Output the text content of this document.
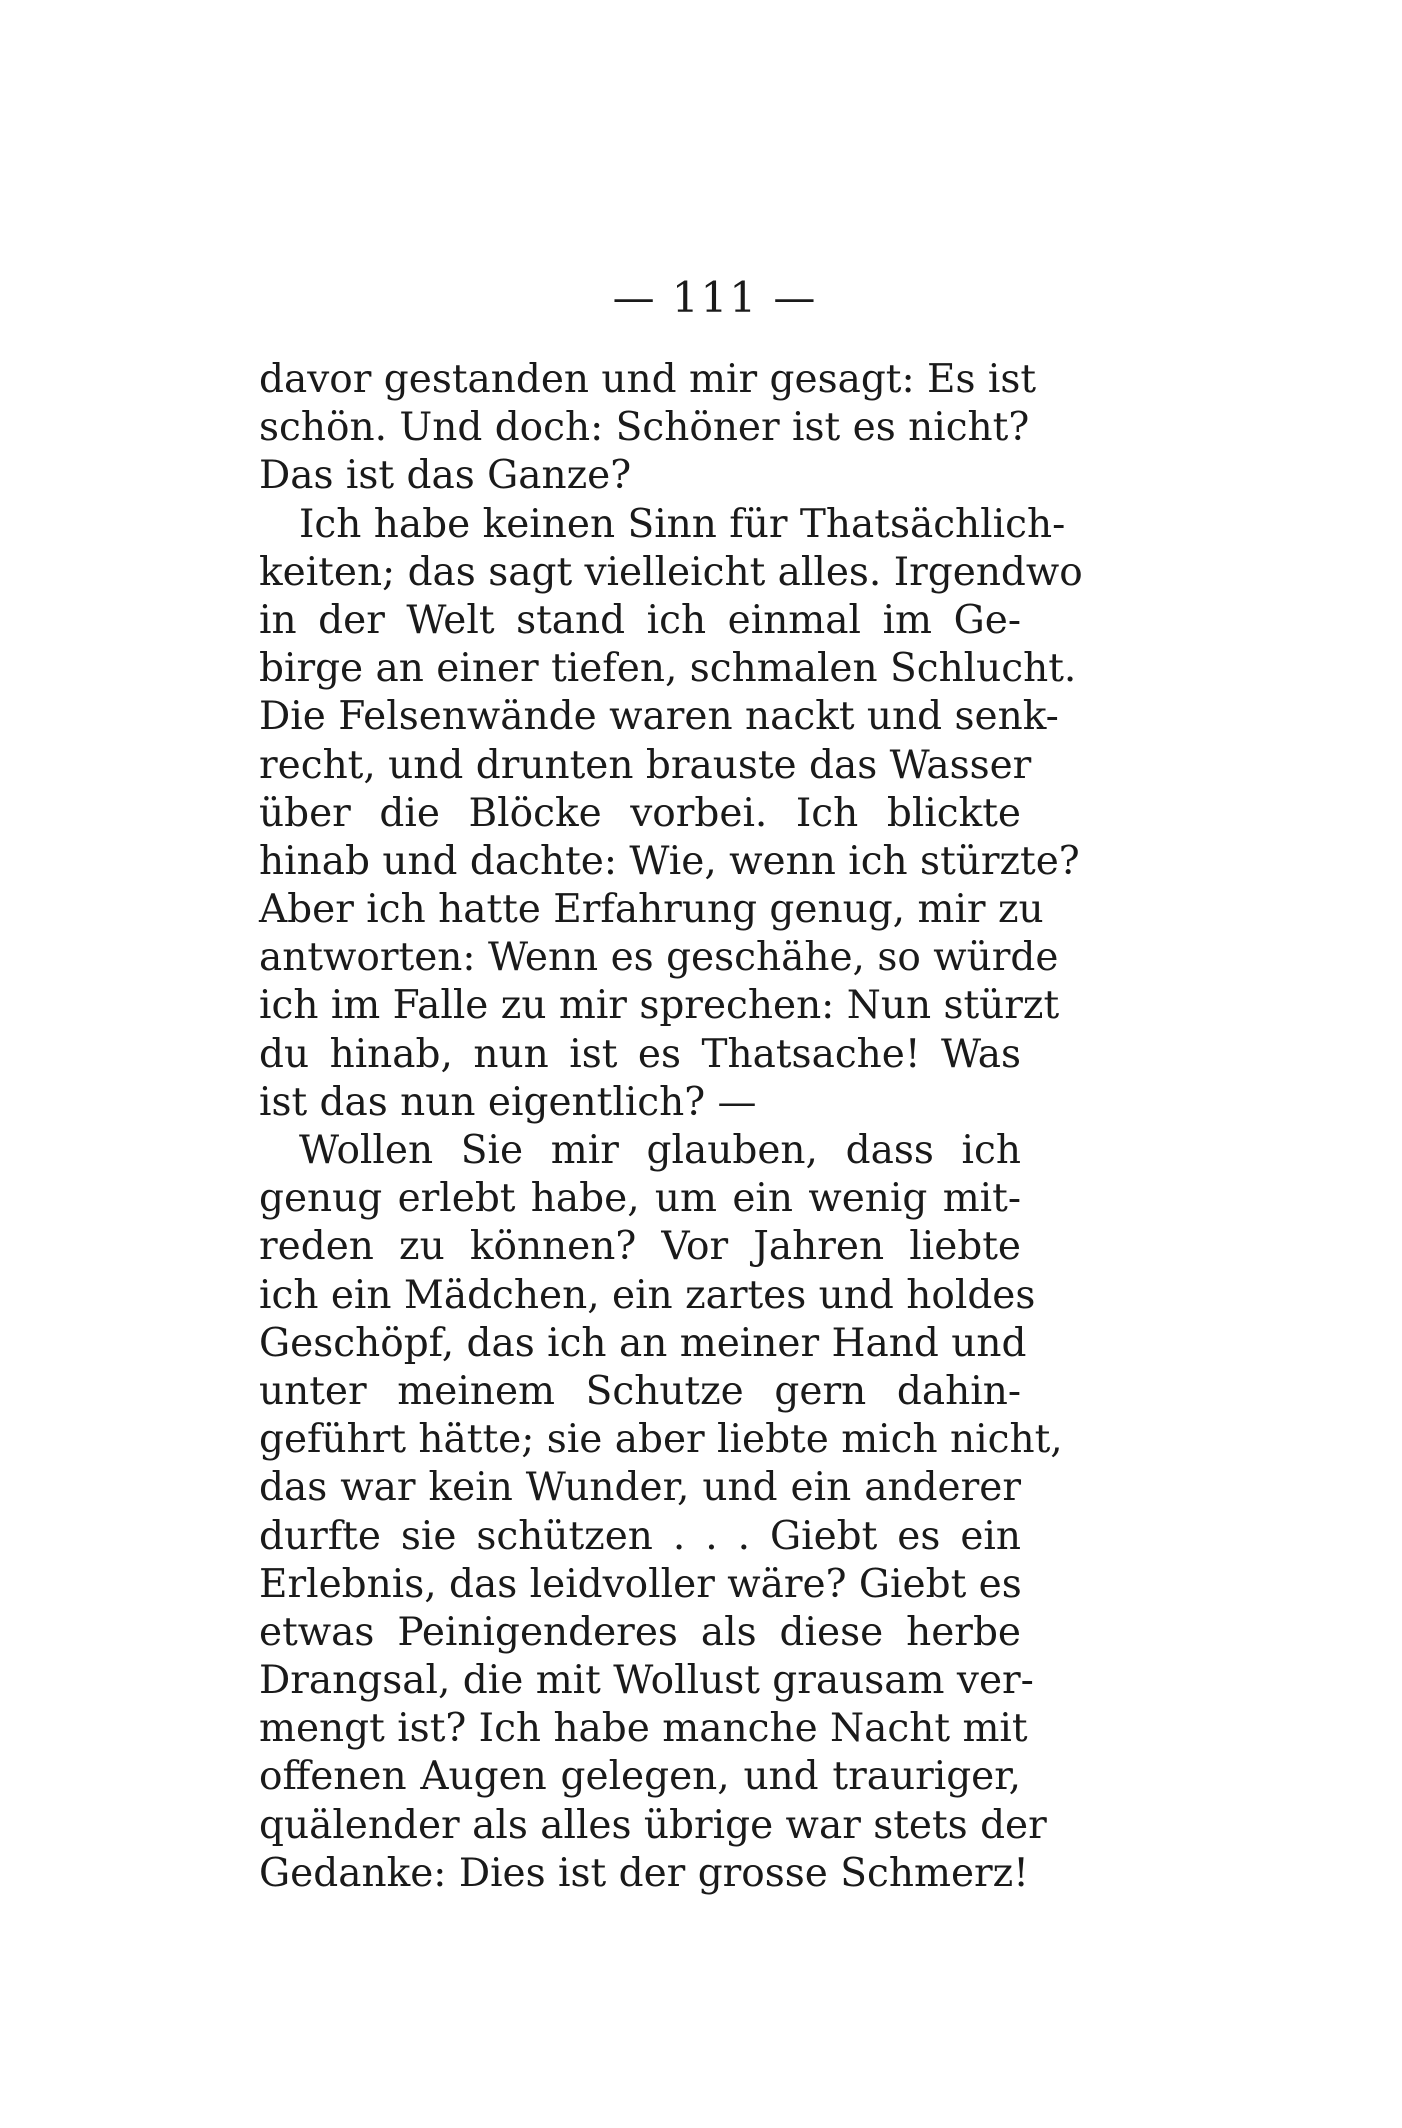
— 111 —
davor gestanden und mir gesagt: Es ist
schön. Und doch: Schöner ist es nicht?
Das ist das Ganze?
Ich habe keinen Sinn für Thatsächlich-
keiten; das sagt vielleicht alles. Irgendwo
in der Welt stand ich einmal im Ge-
birge an einer tiefen, schmalen Schlucht.
Die Felsenwände waren nackt und senk-
recht, und drunten brauste das Wasser
über die Blöcke vorbei. Ich blickte
hinab und dachte: Wie, wenn ich stürzte?
Aber ich hatte Erfahrung genug, mir zu
antworten: Wenn es geschähe, so würde
ich im Falle zu mir sprechen: Nun stürzt
du hinab, nun ist es Thatsache! Was
ist das nun eigentlich? —
Wollen Sie mir glauben, dass ich
genug erlebt habe, um ein wenig mit-
reden zu können? Vor Jahren liebte
ich ein Mädchen, ein zartes und holdes
Geschöpf, das ich an meiner Hand und
unter meinem Schutze gern dahin-
geführt hätte; sie aber liebte mich nicht,
das war kein Wunder, und ein anderer
durfte sie schützen . . . Giebt es ein
Erlebnis, das leidvoller wäre? Giebt es
etwas Peinigenderes als diese herbe
Drangsal, die mit Wollust grausam ver-
mengt ist? Ich habe manche Nacht mit
offenen Augen gelegen, und trauriger,
quälender als alles übrige war stets der
Gedanke: Dies ist der grosse Schmerz!
